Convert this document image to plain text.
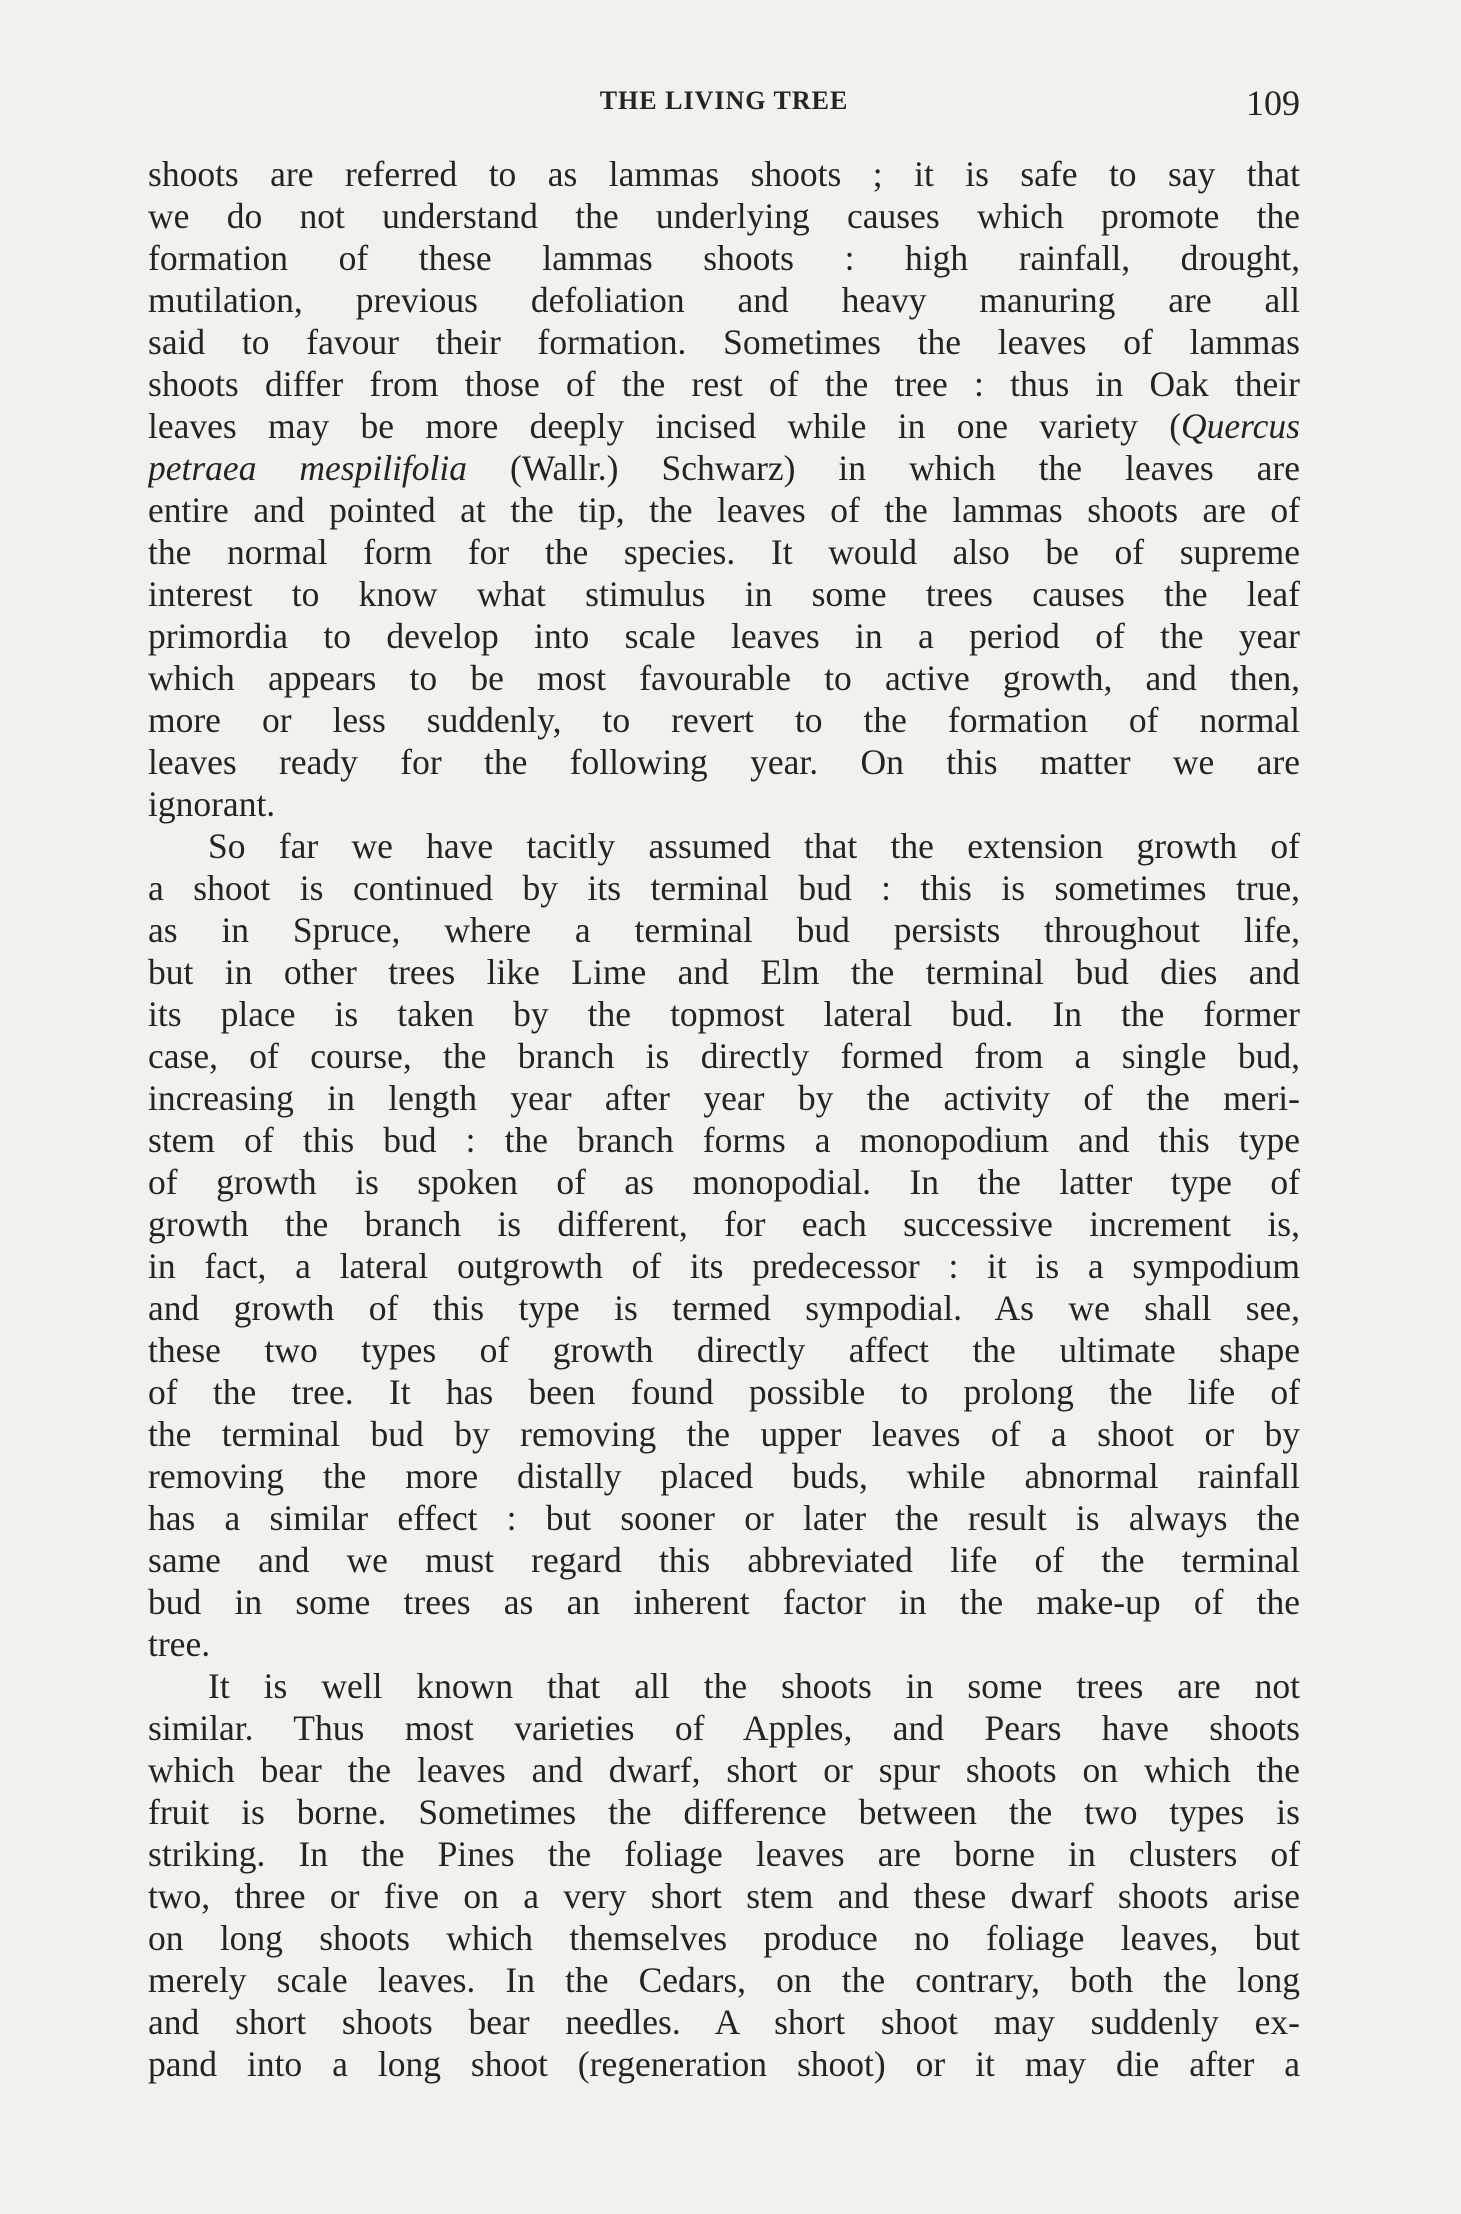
THE LIVING TREE	109
shoots are referred to as lammas shoots ; it is safe to say that
we do not understand the underlying causes which promote the
formation of these lammas shoots : high rainfall, drought,
mutilation, previous defoliation and heavy manuring are all
said to favour their formation. Sometimes the leaves of lammas
shoots differ from those of the rest of the tree : thus in Oak their
leaves may be more deeply incised while in one variety (Quercus
petraea mespilifolia (Wallr.) Schwarz) in which the leaves are
entire and pointed at the tip, the leaves of the lammas shoots are of
the normal form for the species. It would also be of supreme
interest to know what stimulus in some trees causes the leaf
primordia to develop into scale leaves in a period of the year
which appears to be most favourable to active growth, and then,
more or less suddenly, to revert to the formation of normal
leaves ready for the following year. On this matter we are
ignorant.
So far we have tacitly assumed that the extension growth of
a shoot is continued by its terminal bud : this is sometimes true,
as in Spruce, where a terminal bud persists throughout life,
but in other trees like Lime and Elm the terminal bud dies and
its place is taken by the topmost lateral bud. In the former
case, of course, the branch is directly formed from a single bud,
increasing in length year after year by the activity of the meri-
stem of this bud : the branch forms a monopodium and this type
of growth is spoken of as monopodial. In the latter type of
growth the branch is different, for each successive increment is,
in fact, a lateral outgrowth of its predecessor : it is a sympodium
and growth of this type is termed sympodial. As we shall see,
these two types of growth directly affect the ultimate shape
of the tree. It has been found possible to prolong the life of
the terminal bud by removing the upper leaves of a shoot or by
removing the more distally placed buds, while abnormal rainfall
has a similar effect : but sooner or later the result is always the
same and we must regard this abbreviated life of the terminal
bud in some trees as an inherent factor in the make-up of the
tree.
It is well known that all the shoots in some trees are not
similar. Thus most varieties of Apples, and Pears have shoots
which bear the leaves and dwarf, short or spur shoots on which the
fruit is borne. Sometimes the difference between the two types is
striking. In the Pines the foliage leaves are borne in clusters of
two, three or five on a very short stem and these dwarf shoots arise
on long shoots which themselves produce no foliage leaves, but
merely scale leaves. In the Cedars, on the contrary, both the long
and short shoots bear needles. A short shoot may suddenly ex-
pand into a long shoot (regeneration shoot) or it may die after a
